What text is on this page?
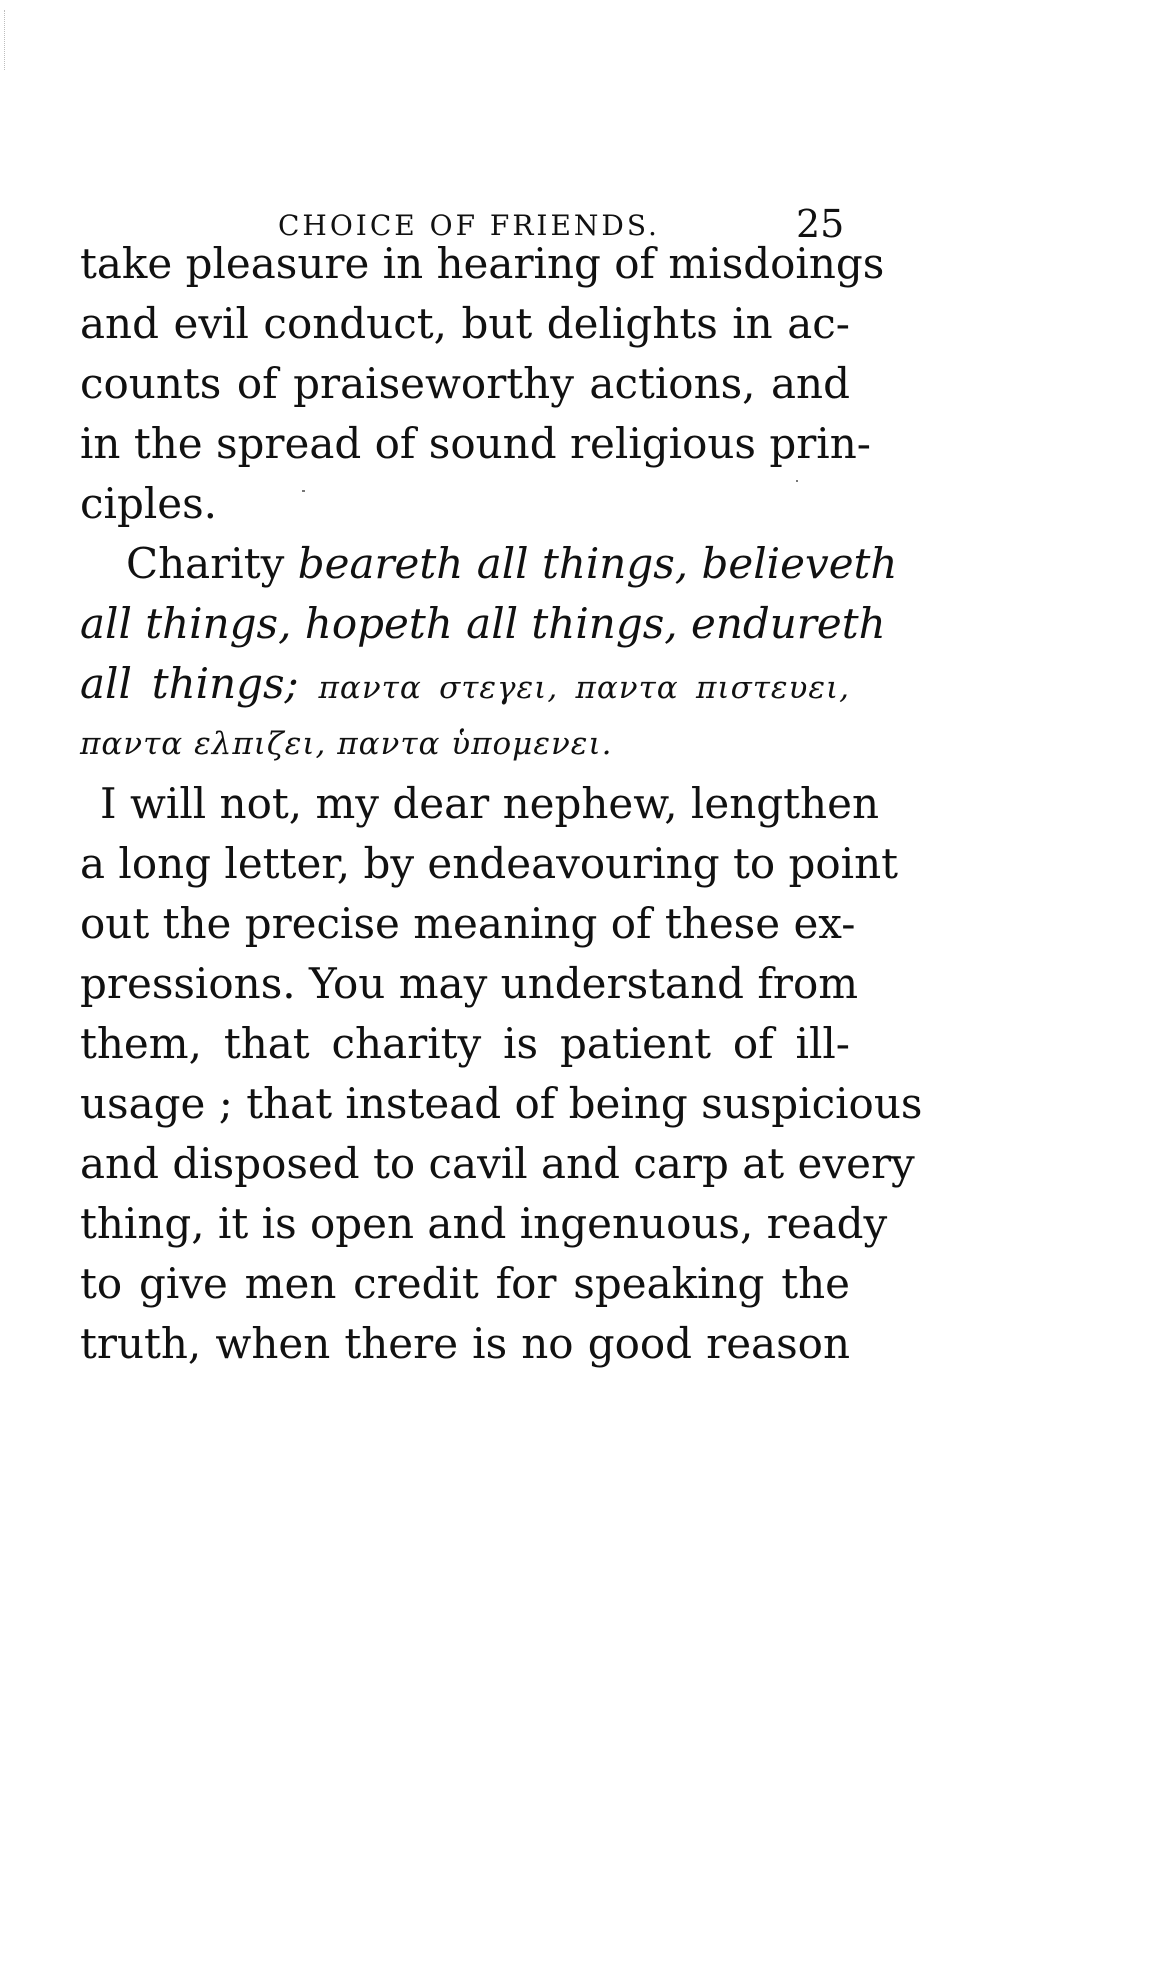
CHOICE OF FRIENDS.	25
take pleasure in hearing of misdoings
and evil conduct, but delights in ac-
counts of praiseworthy actions, and
in the spread of sound religious prin-
ciples.
Charity beareth all things, believeth
all things, hopeth all things, endureth
all things; παντα στεγει, παντα πιστευει,
παντα ελπιζει, παντα ὑπομενει.
I will not, my dear nephew, lengthen
a long letter, by endeavouring to point
out the precise meaning of these ex-
pressions. You may understand from
them, that charity is patient of ill-
usage ; that instead of being suspicious
and disposed to cavil and carp at every
thing, it is open and ingenuous, ready
to give men credit for speaking the
truth, when there is no good reason
